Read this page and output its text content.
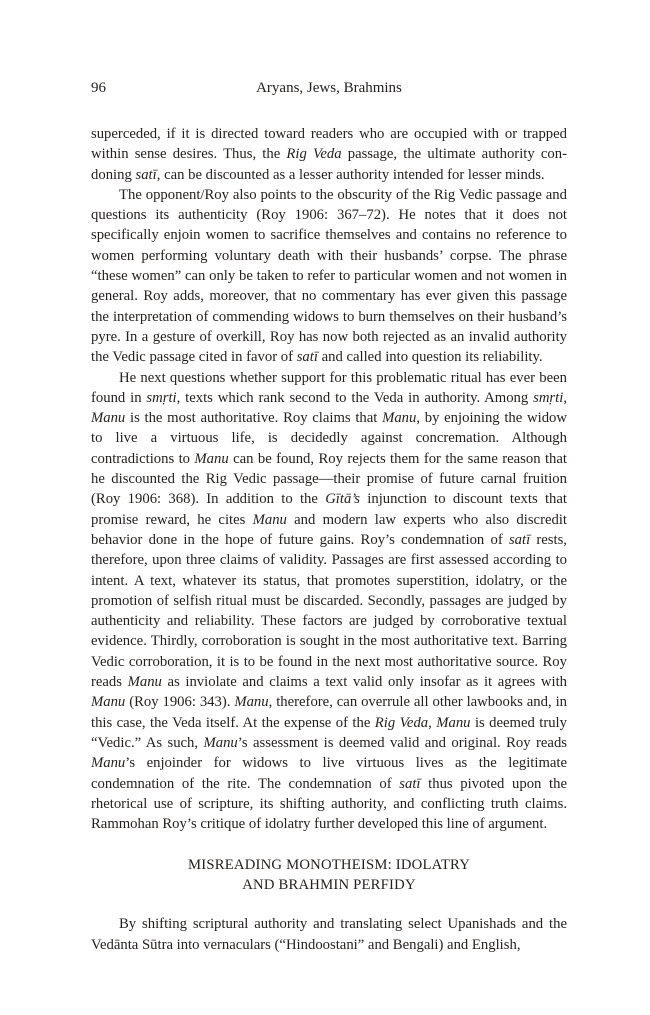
96	Aryans, Jews, Brahmins

superceded, if it is directed toward readers who are occupied with or trapped within sense desires. Thus, the Rig Veda passage, the ultimate authority condoning satī, can be discounted as a lesser authority intended for lesser minds.

The opponent/Roy also points to the obscurity of the Rig Vedic passage and questions its authenticity (Roy 1906: 367–72). He notes that it does not specifically enjoin women to sacrifice themselves and contains no reference to women performing voluntary death with their husbands’ corpse. The phrase “these women” can only be taken to refer to particular women and not women in general. Roy adds, moreover, that no commentary has ever given this passage the interpretation of commending widows to burn themselves on their husband’s pyre. In a gesture of overkill, Roy has now both rejected as an invalid authority the Vedic passage cited in favor of satī and called into question its reliability.

He next questions whether support for this problematic ritual has ever been found in smṛti, texts which rank second to the Veda in authority. Among smṛti, Manu is the most authoritative. Roy claims that Manu, by enjoining the widow to live a virtuous life, is decidedly against concremation. Although contradictions to Manu can be found, Roy rejects them for the same reason that he discounted the Rig Vedic passage—their promise of future carnal fruition (Roy 1906: 368). In addition to the Gītā’s injunction to discount texts that promise reward, he cites Manu and modern law experts who also discredit behavior done in the hope of future gains. Roy’s condemnation of satī rests, therefore, upon three claims of validity. Passages are first assessed according to intent. A text, whatever its status, that promotes superstition, idolatry, or the promotion of selfish ritual must be discarded. Secondly, passages are judged by authenticity and reliability. These factors are judged by corroborative textual evidence. Thirdly, corroboration is sought in the most authoritative text. Barring Vedic corroboration, it is to be found in the next most authoritative source. Roy reads Manu as inviolate and claims a text valid only insofar as it agrees with Manu (Roy 1906: 343). Manu, therefore, can overrule all other lawbooks and, in this case, the Veda itself. At the expense of the Rig Veda, Manu is deemed truly “Vedic.” As such, Manu’s assessment is deemed valid and original. Roy reads Manu’s enjoinder for widows to live virtuous lives as the legitimate condemnation of the rite. The condemnation of satī thus pivoted upon the rhetorical use of scripture, its shifting authority, and conflicting truth claims. Rammohan Roy’s critique of idolatry further developed this line of argument.

MISREADING MONOTHEISM: IDOLATRY
AND BRAHMIN PERFIDY

By shifting scriptural authority and translating select Upanishads and the Vedānta Sūtra into vernaculars (“Hindoostani” and Bengali) and English,
